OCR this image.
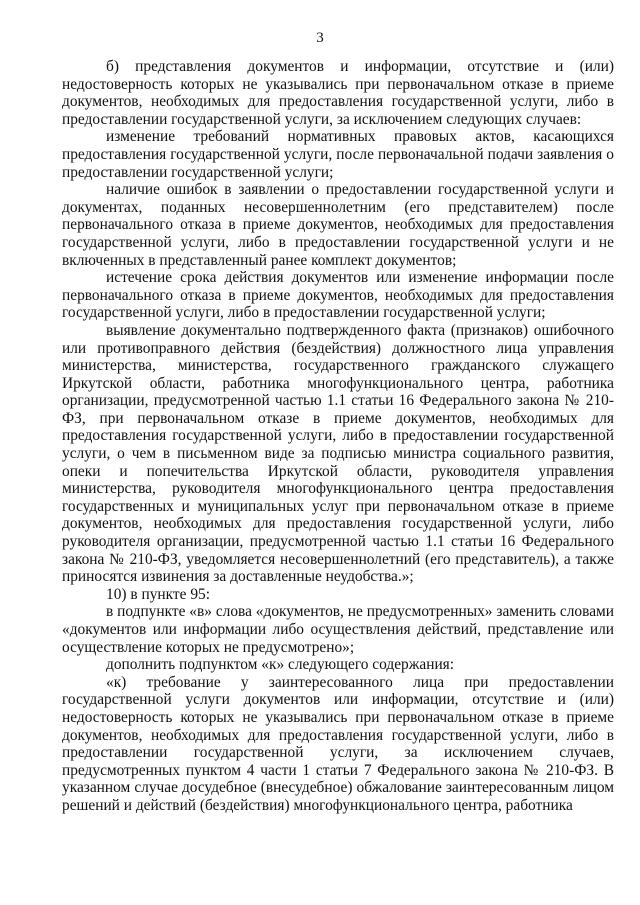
3

б) представления документов и информации, отсутствие и (или) недостоверность которых не указывались при первоначальном отказе в приеме документов, необходимых для предоставления государственной услуги, либо в предоставлении государственной услуги, за исключением следующих случаев:

изменение требований нормативных правовых актов, касающихся предоставления государственной услуги, после первоначальной подачи заявления о предоставлении государственной услуги;

наличие ошибок в заявлении о предоставлении государственной услуги и документах, поданных несовершеннолетним (его представителем) после первоначального отказа в приеме документов, необходимых для предоставления государственной услуги, либо в предоставлении государственной услуги и не включенных в представленный ранее комплект документов;

истечение срока действия документов или изменение информации после первоначального отказа в приеме документов, необходимых для предоставления государственной услуги, либо в предоставлении государственной услуги;

выявление документально подтвержденного факта (признаков) ошибочного или противоправного действия (бездействия) должностного лица управления министерства, министерства, государственного гражданского служащего Иркутской области, работника многофункционального центра, работника организации, предусмотренной частью 1.1 статьи 16 Федерального закона № 210-ФЗ, при первоначальном отказе в приеме документов, необходимых для предоставления государственной услуги, либо в предоставлении государственной услуги, о чем в письменном виде за подписью министра социального развития, опеки и попечительства Иркутской области, руководителя управления министерства, руководителя многофункционального центра предоставления государственных и муниципальных услуг при первоначальном отказе в приеме документов, необходимых для предоставления государственной услуги, либо руководителя организации, предусмотренной частью 1.1 статьи 16 Федерального закона № 210-ФЗ, уведомляется несовершеннолетний (его представитель), а также приносятся извинения за доставленные неудобства.»;

10) в пункте 95:

в подпункте «в» слова «документов, не предусмотренных» заменить словами «документов или информации либо осуществления действий, представление или осуществление которых не предусмотрено»;

дополнить подпунктом «к» следующего содержания:

«к) требование у заинтересованного лица при предоставлении государственной услуги документов или информации, отсутствие и (или) недостоверность которых не указывались при первоначальном отказе в приеме документов, необходимых для предоставления государственной услуги, либо в предоставлении государственной услуги, за исключением случаев, предусмотренных пунктом 4 части 1 статьи 7 Федерального закона № 210-ФЗ. В указанном случае досудебное (внесудебное) обжалование заинтересованным лицом решений и действий (бездействия) многофункционального центра, работника
